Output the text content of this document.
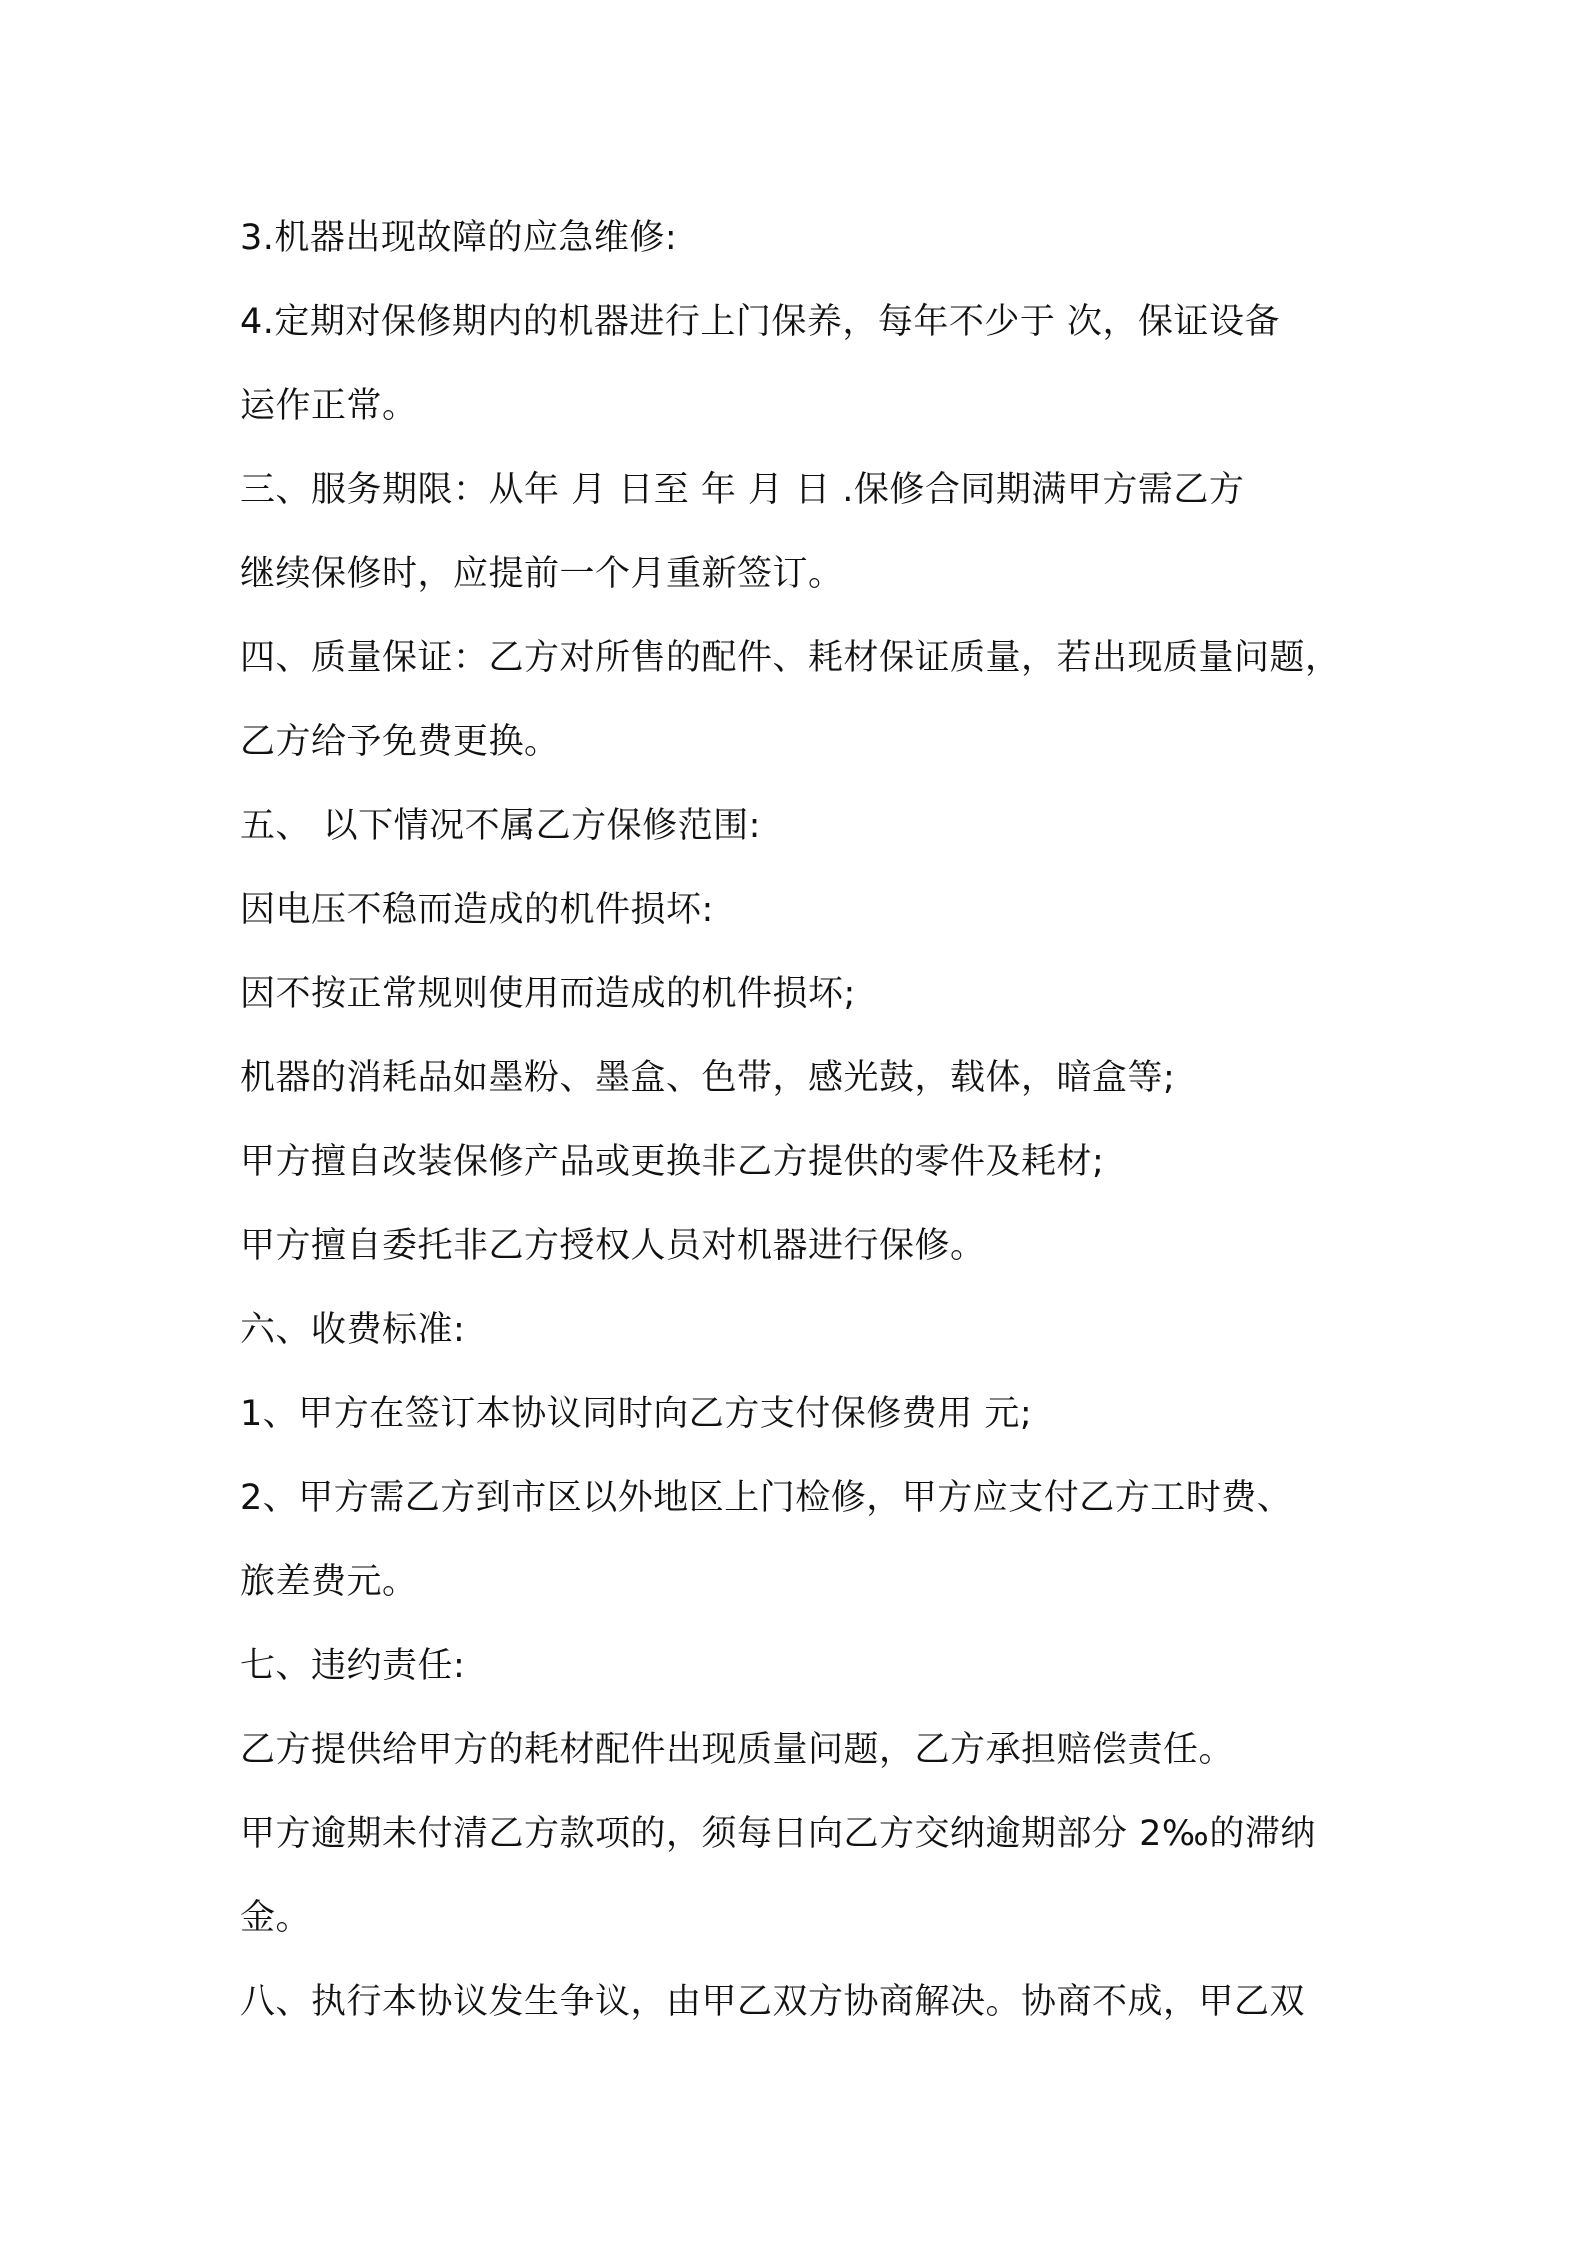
3.机器出现故障的应急维修:

4.定期对保修期内的机器进行上门保养，每年不少于 次，保证设备

运作正常。

三、服务期限：从年 月 日至 年 月 日 .保修合同期满甲方需乙方

继续保修时，应提前一个月重新签订。

四、质量保证：乙方对所售的配件、耗材保证质量，若出现质量问题，

乙方给予免费更换。

五、 以下情况不属乙方保修范围:

因电压不稳而造成的机件损坏:

因不按正常规则使用而造成的机件损坏;

机器的消耗品如墨粉、墨盒、色带，感光鼓，载体，暗盒等;

甲方擅自改装保修产品或更换非乙方提供的零件及耗材;

甲方擅自委托非乙方授权人员对机器进行保修。

六、收费标准:

1、甲方在签订本协议同时向乙方支付保修费用 元;

2、甲方需乙方到市区以外地区上门检修，甲方应支付乙方工时费、

旅差费元。

七、违约责任:

乙方提供给甲方的耗材配件出现质量问题，乙方承担赔偿责任。

甲方逾期未付清乙方款项的，须每日向乙方交纳逾期部分 2‰的滞纳

金。

八、执行本协议发生争议，由甲乙双方协商解决。协商不成，甲乙双
